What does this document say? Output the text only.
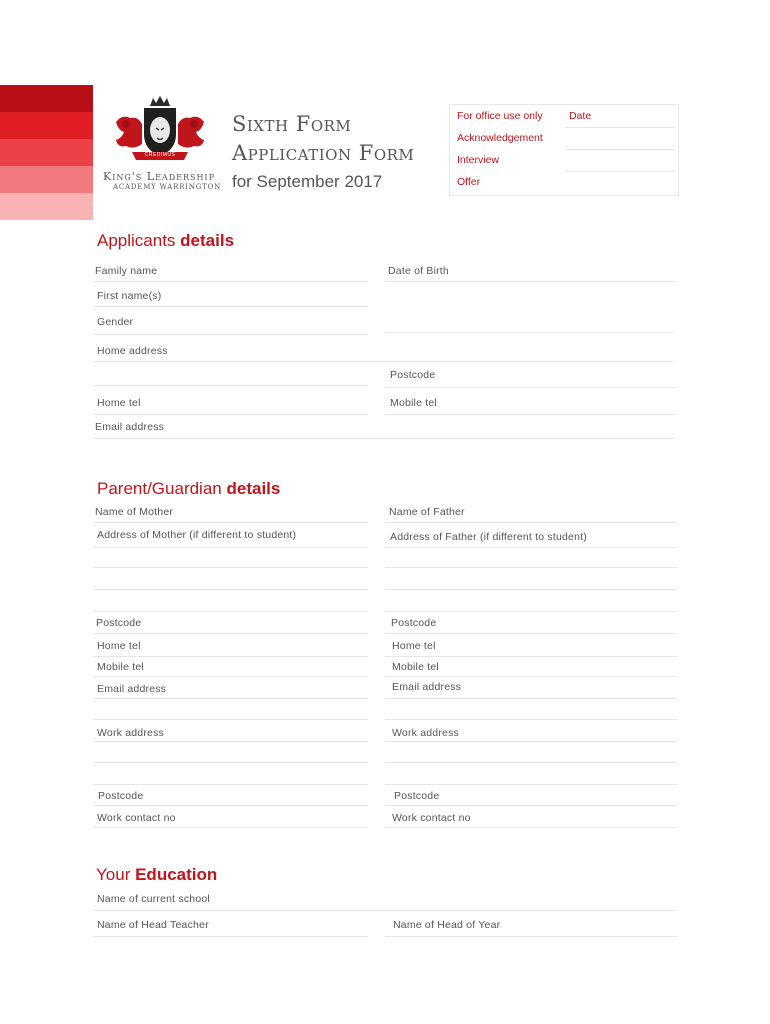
CREDIMUS
King's Leadership
ACADEMY WARRINGTON
Sixth Form
Application Form
for September 2017
For office use only	Date
Acknowledgement
Interview
Offer
Applicants details
Family name	Date of Birth
First name(s)
Gender
Home address
Postcode
Home tel	Mobile tel
Email address
Parent/Guardian details
Name of Mother	Name of Father
Address of Mother (if different to student)	Address of Father (if different to student)
Postcode	Postcode
Home tel	Home tel
Mobile tel	Mobile tel
Email address	Email address
Work address	Work address
Postcode	Postcode
Work contact no	Work contact no
Your Education
Name of current school
Name of Head Teacher	Name of Head of Year
